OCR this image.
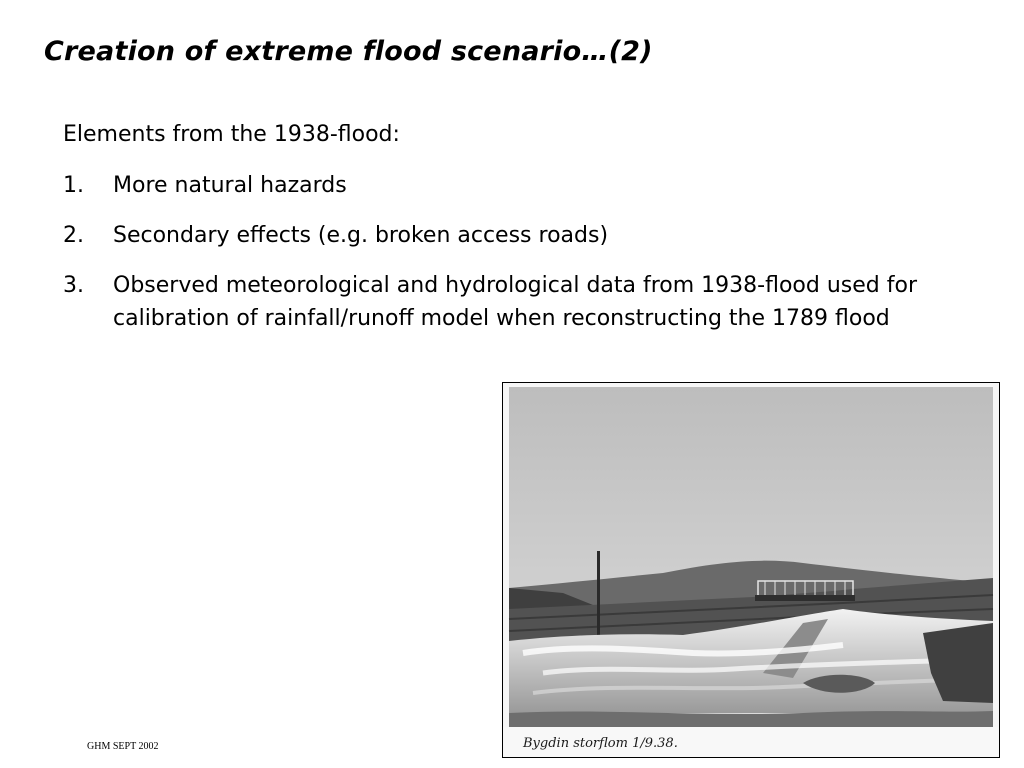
Creation of extreme flood scenario…(2)
Elements from the 1938-flood:
1.	More natural hazards
2.	Secondary effects (e.g. broken access roads)
3.	Observed meteorological and hydrological data from 1938-flood used for calibration of rainfall/runoff model when reconstructing the 1789 flood
Bygdin storflom 1/9.38.
GHM SEPT 2002
